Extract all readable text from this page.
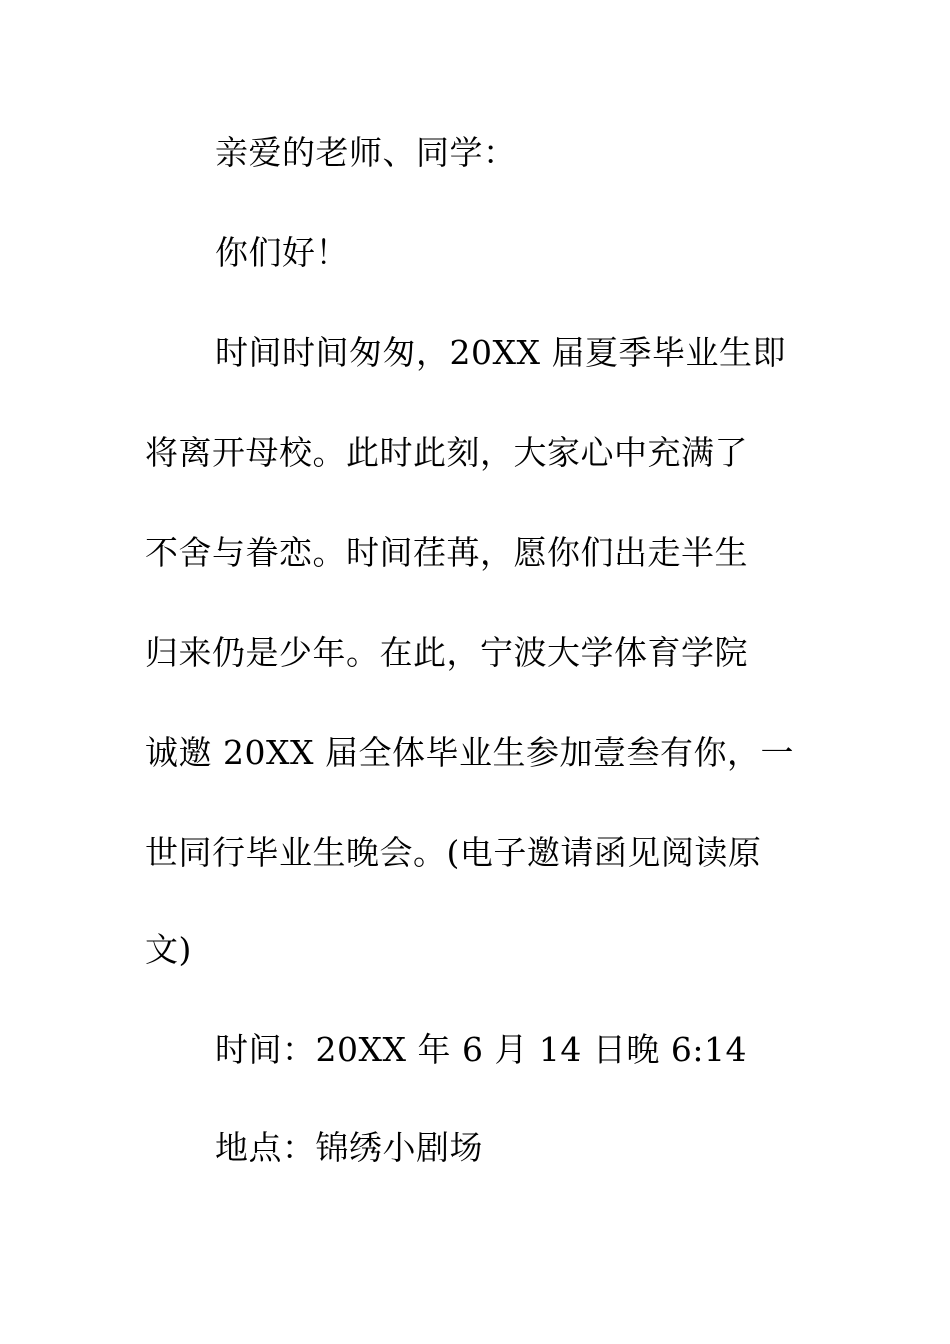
亲爱的老师、同学：
你们好！
时间时间匆匆，20XX 届夏季毕业生即
将离开母校。此时此刻，大家心中充满了
不舍与眷恋。时间荏苒，愿你们出走半生
归来仍是少年。在此，宁波大学体育学院
诚邀 20XX 届全体毕业生参加壹叁有你，一
世同行毕业生晚会。(电子邀请函见阅读原
文)
时间：20XX 年 6 月 14 日晚 6:14
地点：锦绣小剧场
